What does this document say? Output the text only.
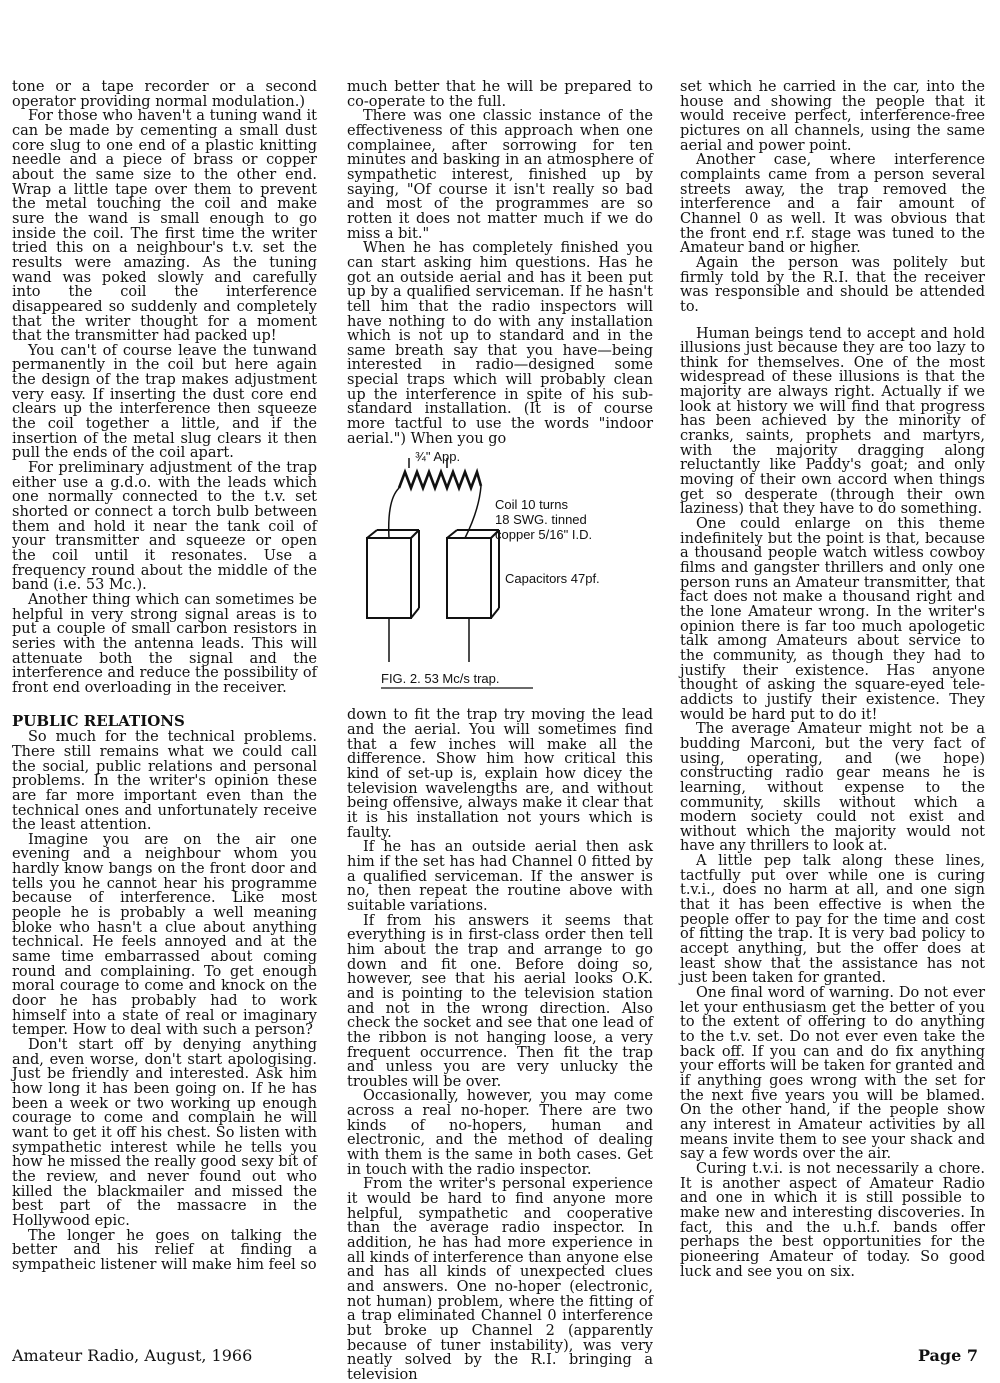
tone or a tape recorder or a second operator providing normal modulation.)

For those who haven't a tuning wand it can be made by cementing a small dust core slug to one end of a plastic knitting needle and a piece of brass or copper about the same size to the other end. Wrap a little tape over them to prevent the metal touching the coil and make sure the wand is small enough to go inside the coil. The first time the writer tried this on a neighbour's t.v. set the results were amazing. As the tuning wand was poked slowly and carefully into the coil the interference disappeared so suddenly and completely that the writer thought for a moment that the transmitter had packed up!

You can't of course leave the tunwand permanently in the coil but here again the design of the trap makes adjustment very easy. If inserting the dust core end clears up the interference then squeeze the coil together a little, and if the insertion of the metal slug clears it then pull the ends of the coil apart.

For preliminary adjustment of the trap either use a g.d.o. with the leads which one normally connected to the t.v. set shorted or connect a torch bulb between them and hold it near the tank coil of your transmitter and squeeze or open the coil until it resonates. Use a frequency round about the middle of the band (i.e. 53 Mc.).

Another thing which can sometimes be helpful in very strong signal areas is to put a couple of small carbon resistors in series with the antenna leads. This will attenuate both the signal and the interference and reduce the possibility of front end overloading in the receiver.

PUBLIC RELATIONS

So much for the technical problems. There still remains what we could call the social, public relations and personal problems. In the writer's opinion these are far more important even than the technical ones and unfortunately receive the least attention.

Imagine you are on the air one evening and a neighbour whom you hardly know bangs on the front door and tells you he cannot hear his programme because of interference. Like most people he is probably a well meaning bloke who hasn't a clue about anything technical. He feels annoyed and at the same time embarrassed about coming round and complaining. To get enough moral courage to come and knock on the door he has probably had to work himself into a state of real or imaginary temper. How to deal with such a person?

Don't start off by denying anything and, even worse, don't start apologising. Just be friendly and interested. Ask him how long it has been going on. If he has been a week or two working up enough courage to come and complain he will want to get it off his chest. So listen with sympathetic interest while he tells you how he missed the really good sexy bit of the review, and never found out who killed the blackmailer and missed the best part of the massacre in the Hollywood epic.

The longer he goes on talking the better and his relief at finding a sympatheic listener will make him feel so

much better that he will be prepared to co-operate to the full.

There was one classic instance of the effectiveness of this approach when one complainee, after sorrowing for ten minutes and basking in an atmosphere of sympathetic interest, finished up by saying, "Of course it isn't really so bad and most of the programmes are so rotten it does not matter much if we do miss a bit."

When he has completely finished you can start asking him questions. Has he got an outside aerial and has it been put up by a qualified serviceman. If he hasn't tell him that the radio inspectors will have nothing to do with any installation which is not up to standard and in the same breath say that you have—being interested in radio—designed some special traps which will probably clean up the interference in spite of his sub-standard installation. (It is of course more tactful to use the words "indoor aerial.") When you go

¾" App.
Coil 10 turns
18 SWG. tinned
copper 5/16" I.D.
Capacitors 47pf.
FIG. 2. 53 Mc/s trap.

down to fit the trap try moving the lead and the aerial. You will sometimes find that a few inches will make all the difference. Show him how critical this kind of set-up is, explain how dicey the television wavelengths are, and without being offensive, always make it clear that it is his installation not yours which is faulty.

If he has an outside aerial then ask him if the set has had Channel 0 fitted by a qualified serviceman. If the answer is no, then repeat the routine above with suitable variations.

If from his answers it seems that everything is in first-class order then tell him about the trap and arrange to go down and fit one. Before doing so, however, see that his aerial looks O.K. and is pointing to the television station and not in the wrong direction. Also check the socket and see that one lead of the ribbon is not hanging loose, a very frequent occurrence. Then fit the trap and unless you are very unlucky the troubles will be over.

Occasionally, however, you may come across a real no-hoper. There are two kinds of no-hopers, human and electronic, and the method of dealing with them is the same in both cases. Get in touch with the radio inspector.

From the writer's personal experience it would be hard to find anyone more helpful, sympathetic and cooperative than the average radio inspector. In addition, he has had more experience in all kinds of interference than anyone else and has all kinds of unexpected clues and answers. One no-hoper (electronic, not human) problem, where the fitting of a trap eliminated Channel 0 interference but broke up Channel 2 (apparently because of tuner instability), was very neatly solved by the R.I. bringing a television

set which he carried in the car, into the house and showing the people that it would receive perfect, interference-free pictures on all channels, using the same aerial and power point.

Another case, where interference complaints came from a person several streets away, the trap removed the interference and a fair amount of Channel 0 as well. It was obvious that the front end r.f. stage was tuned to the Amateur band or higher.

Again the person was politely but firmly told by the R.I. that the receiver was responsible and should be attended to.

Human beings tend to accept and hold illusions just because they are too lazy to think for themselves. One of the most widespread of these illusions is that the majority are always right. Actually if we look at history we will find that progress has been achieved by the minority of cranks, saints, prophets and martyrs, with the majority dragging along reluctantly like Paddy's goat; and only moving of their own accord when things get so desperate (through their own laziness) that they have to do something.

One could enlarge on this theme indefinitely but the point is that, because a thousand people watch witless cowboy films and gangster thrillers and only one person runs an Amateur transmitter, that fact does not make a thousand right and the lone Amateur wrong. In the writer's opinion there is far too much apologetic talk among Amateurs about service to the community, as though they had to justify their existence. Has anyone thought of asking the square-eyed tele-addicts to justify their existence. They would be hard put to do it!

The average Amateur might not be a budding Marconi, but the very fact of using, operating, and (we hope) constructing radio gear means he is learning, without expense to the community, skills without which a modern society could not exist and without which the majority would not have any thrillers to look at.

A little pep talk along these lines, tactfully put over while one is curing t.v.i., does no harm at all, and one sign that it has been effective is when the people offer to pay for the time and cost of fitting the trap. It is very bad policy to accept anything, but the offer does at least show that the assistance has not just been taken for granted.

One final word of warning. Do not ever let your enthusiasm get the better of you to the extent of offering to do anything to the t.v. set. Do not ever even take the back off. If you can and do fix anything your efforts will be taken for granted and if anything goes wrong with the set for the next five years you will be blamed. On the other hand, if the people show any interest in Amateur activities by all means invite them to see your shack and say a few words over the air.

Curing t.v.i. is not necessarily a chore. It is another aspect of Amateur Radio and one in which it is still possible to make new and interesting discoveries. In fact, this and the u.h.f. bands offer perhaps the best opportunities for the pioneering Amateur of today. So good luck and see you on six.

Amateur Radio, August, 1966	Page 7
